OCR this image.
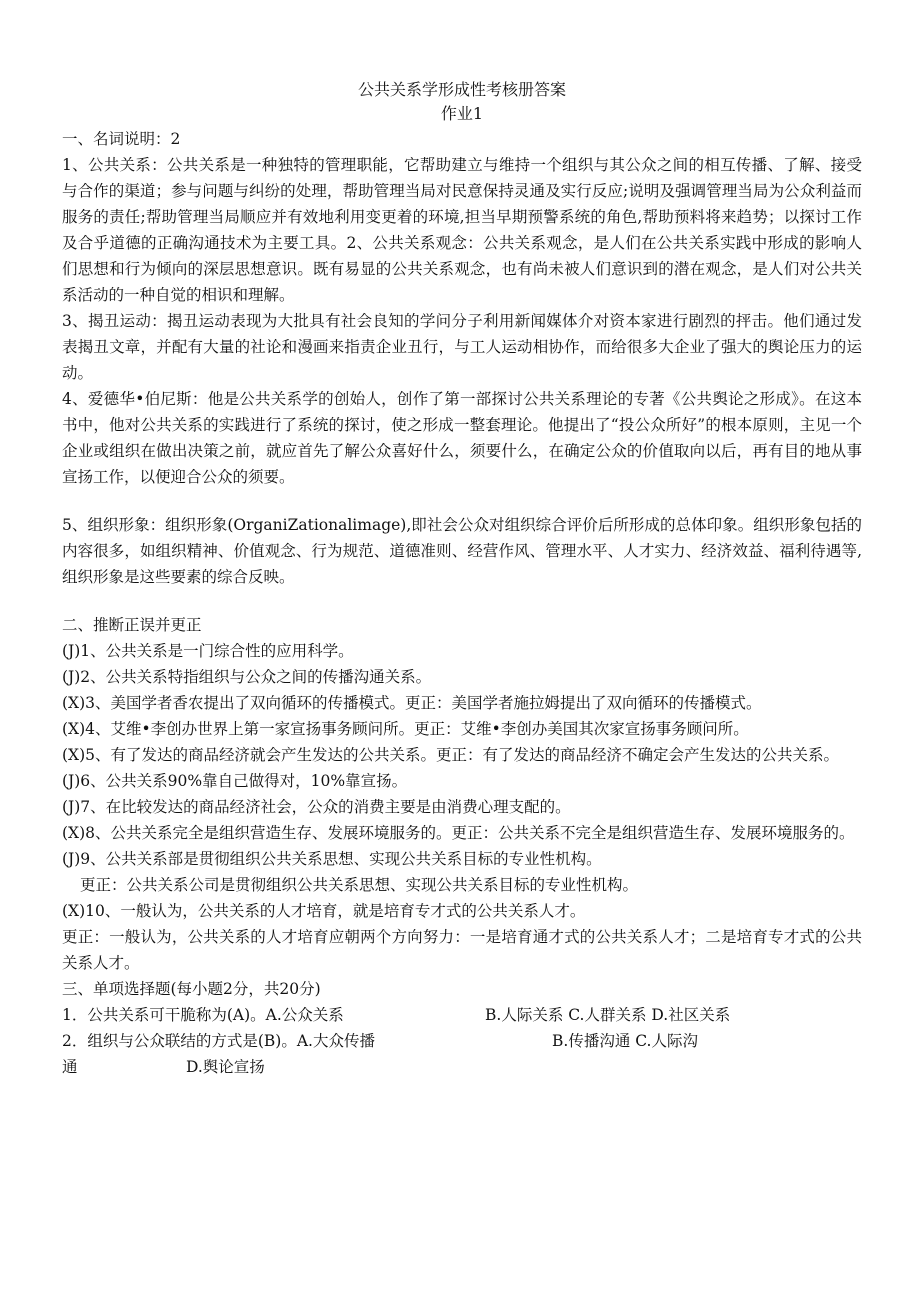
公共关系学形成性考核册答案
作业1

一、名词说明：2

1、公共关系：公共关系是一种独特的管理职能，它帮助建立与维持一个组织与其公众之间的相互传播、了解、接受与合作的渠道；参与问题与纠纷的处理，帮助管理当局对民意保持灵通及实行反应;说明及强调管理当局为公众利益而服务的责任;帮助管理当局顺应并有效地利用变更着的环境,担当早期预警系统的角色,帮助预料将来趋势；以探讨工作及合乎道德的正确沟通技术为主要工具。2、公共关系观念：公共关系观念，是人们在公共关系实践中形成的影响人们思想和行为倾向的深层思想意识。既有易显的公共关系观念，也有尚未被人们意识到的潜在观念，是人们对公共关系活动的一种自觉的相识和理解。

3、揭丑运动：揭丑运动表现为大批具有社会良知的学问分子利用新闻媒体介对资本家进行剧烈的抨击。他们通过发表揭丑文章，并配有大量的社论和漫画来指责企业丑行，与工人运动相协作，而给很多大企业了强大的舆论压力的运动。

4、爱德华•伯尼斯：他是公共关系学的创始人，创作了第一部探讨公共关系理论的专著《公共舆论之形成》。在这本书中，他对公共关系的实践进行了系统的探讨，使之形成一整套理论。他提出了“投公众所好”的根本原则，主见一个企业或组织在做出决策之前，就应首先了解公众喜好什么，须要什么，在确定公众的价值取向以后，再有目的地从事宣扬工作，以便迎合公众的须要。

5、组织形象：组织形象(OrganiZationalimage),即社会公众对组织综合评价后所形成的总体印象。组织形象包括的内容很多，如组织精神、价值观念、行为规范、道德准则、经营作风、管理水平、人才实力、经济效益、福利待遇等,组织形象是这些要素的综合反映。

二、推断正误并更正

(J)1、公共关系是一门综合性的应用科学。

(J)2、公共关系特指组织与公众之间的传播沟通关系。

(X)3、美国学者香农提出了双向循环的传播模式。更正：美国学者施拉姆提出了双向循环的传播模式。

(X)4、艾维•李创办世界上第一家宣扬事务顾问所。更正：艾维•李创办美国其次家宣扬事务顾问所。

(X)5、有了发达的商品经济就会产生发达的公共关系。更正：有了发达的商品经济不确定会产生发达的公共关系。

(J)6、公共关系90%靠自己做得对，10%靠宣扬。

(J)7、在比较发达的商品经济社会，公众的消费主要是由消费心理支配的。

(X)8、公共关系完全是组织营造生存、发展环境服务的。更正：公共关系不完全是组织营造生存、发展环境服务的。

(J)9、公共关系部是贯彻组织公共关系思想、实现公共关系目标的专业性机构。

更正：公共关系公司是贯彻组织公共关系思想、实现公共关系目标的专业性机构。

(X)10、一般认为，公共关系的人才培育，就是培育专才式的公共关系人才。

更正：一般认为，公共关系的人才培育应朝两个方向努力：一是培育通才式的公共关系人才；二是培育专才式的公共关系人才。

三、单项选择题(每小题2分，共20分)

1．公共关系可干脆称为(A)。A.公众关系	B.人际关系 C.人群关系 D.社区关系
2．组织与公众联结的方式是(B)。A.大众传播	B.传播沟通 C.人际沟
通	D.舆论宣扬
